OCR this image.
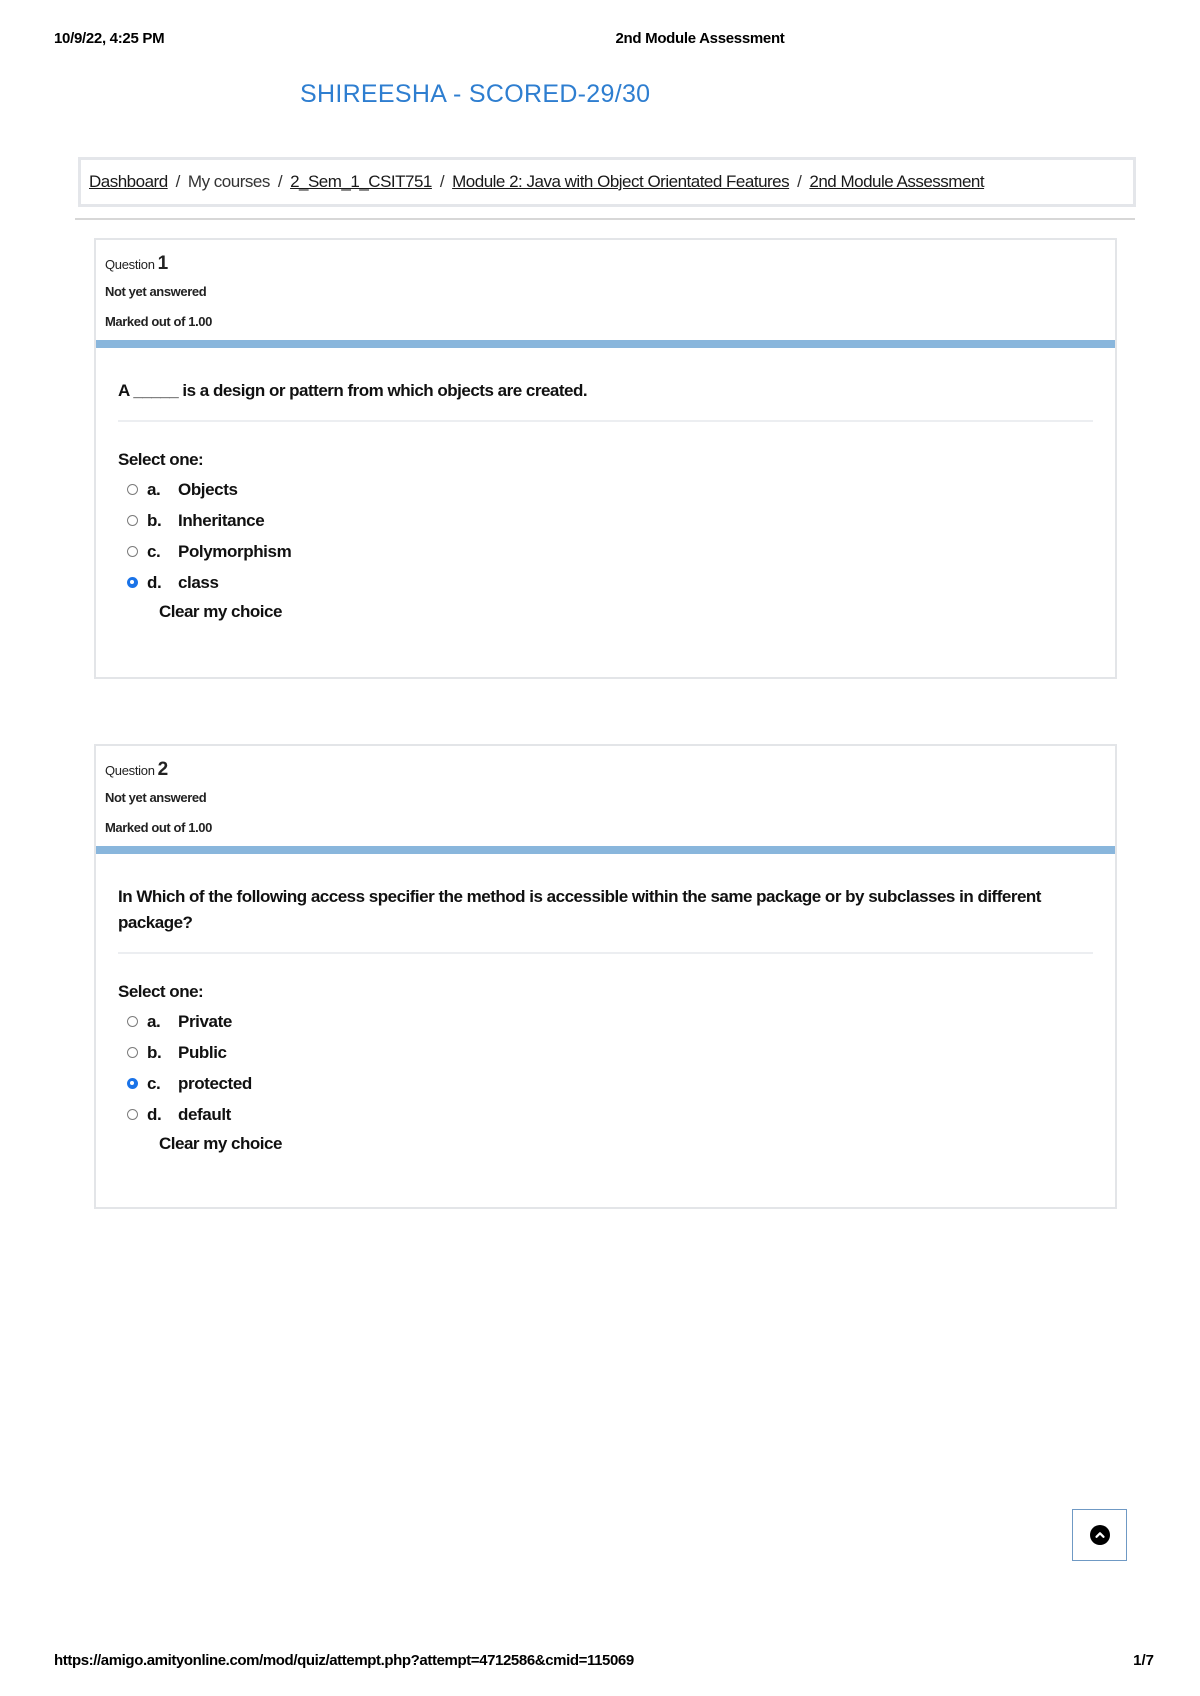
10/9/22, 4:25 PM	2nd Module Assessment
SHIREESHA - SCORED-29/30
Dashboard / My courses / 2_Sem_1_CSIT751 / Module 2: Java with Object Orientated Features / 2nd Module Assessment
Question 1
Not yet answered
Marked out of 1.00
A _____ is a design or pattern from which objects are created.
Select one:
a.	Objects
b. Inheritance
c.	Polymorphism
d. class
Clear my choice
Question 2
Not yet answered
Marked out of 1.00
In Which of the following access specifier the method is accessible within the same package or by subclasses in different package?
Select one:
a.	Private
b. Public
c.	protected
d. default
Clear my choice
https://amigo.amityonline.com/mod/quiz/attempt.php?attempt=4712586&cmid=115069	1/7
